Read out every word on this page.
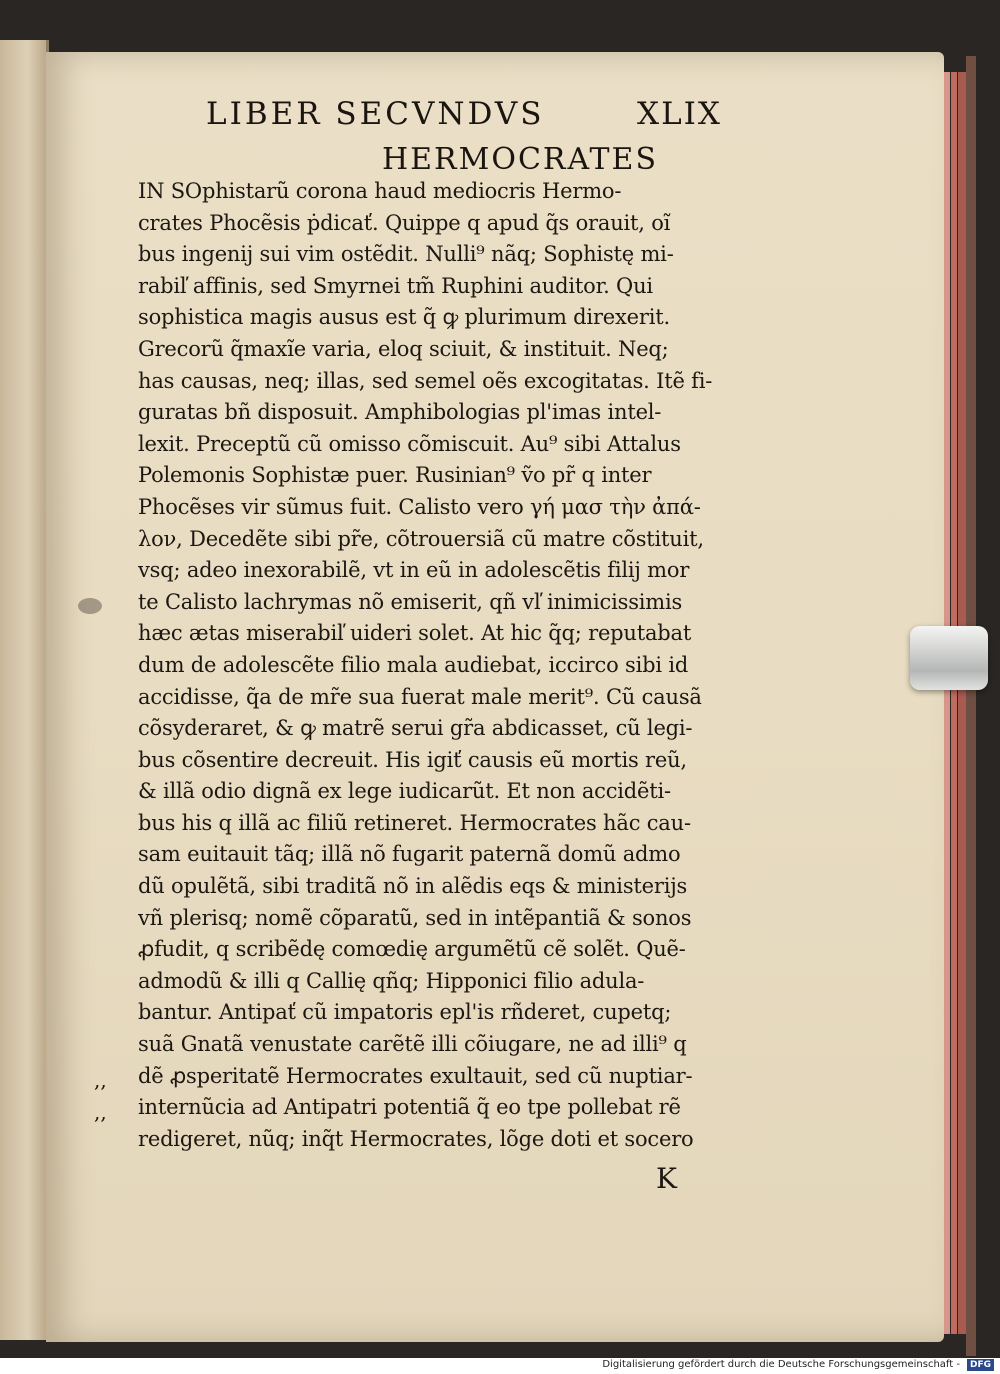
LIBER SECVNDVS	XLIX
HERMOCRATES
IN SOphistarũ corona haud mediocris Hermo-
crates Phocẽsis ṗdicať. Quippe q apud q̃s orauit, oĩ
bus ingenij sui vim ostẽdit. Nulli⁹ nãq; Sophistę mi-
rabiľ affinis, sed Smyrnei tm̃ Ruphini auditor. Qui
sophistica magis ausus est q̃ ꝙ plurimum direxerit.
Grecorũ q̃maxĩe varia, eloq sciuit, & instituit. Neq;
has causas, neq; illas, sed semel oẽs excogitatas. Itẽ fi-
guratas bñ disposuit. Amphibologias pl'imas intel-
lexit. Preceptũ cũ omisso cõmiscuit. Au⁹ sibi Attalus
Polemonis Sophistæ puer. Rusinian⁹ ṽo pr̃ q inter
Phocẽses vir sũmus fuit. Calisto vero γή μασ τὴν ἀπά-
λον, Decedẽte sibi pr̃e, cõtrouersiã cũ matre cõstituit,
vsq; adeo inexorabilẽ, vt in eũ in adolescẽtis filij mor
te Calisto lachrymas nõ emiserit, qñ vľ inimicissimis
hæc ætas miserabiľ uideri solet. At hic q̃q; reputabat
dum de adolescẽte filio mala audiebat, iccirco sibi id
accidisse, q̃a de mr̃e sua fuerat male merit⁹. Cũ causã
cõsyderaret, & ꝙ matrẽ serui gr̃a abdicasset, cũ legi-
bus cõsentire decreuit. His igiť causis eũ mortis reũ,
& illã odio dignã ex lege iudicarũt. Et non accidẽti-
bus his q illã ac filiũ retineret. Hermocrates hãc cau-
sam euitauit tãq; illã nõ fugarit paternã domũ admo
dũ opulẽtã, sibi traditã nõ in alẽdis eqs & ministerijs
vñ plerisq; nomẽ cõparatũ, sed in intẽpantiã & sonos
ꝓfudit, q scribẽdę comœdię argumẽtũ cẽ solẽt. Quẽ-
admodũ & illi q Callię qñq; Hipponici filio adula-
bantur. Antipať cũ impatoris epl'is rñderet, cupetq;
suã Gnatã venustate carẽtẽ illi cõiugare, ne ad illi⁹ q
dẽ ꝓsperitatẽ Hermocrates exultauit, sed cũ nuptiar-
internũcia ad Antipatri potentiã q̃ eo tpe pollebat rẽ
redigeret, nũq; inq̃t Hermocrates, lõge doti et socero
,,
,,
K
Digitalisierung gefördert durch die Deutsche Forschungsgemeinschaft -	DFG
